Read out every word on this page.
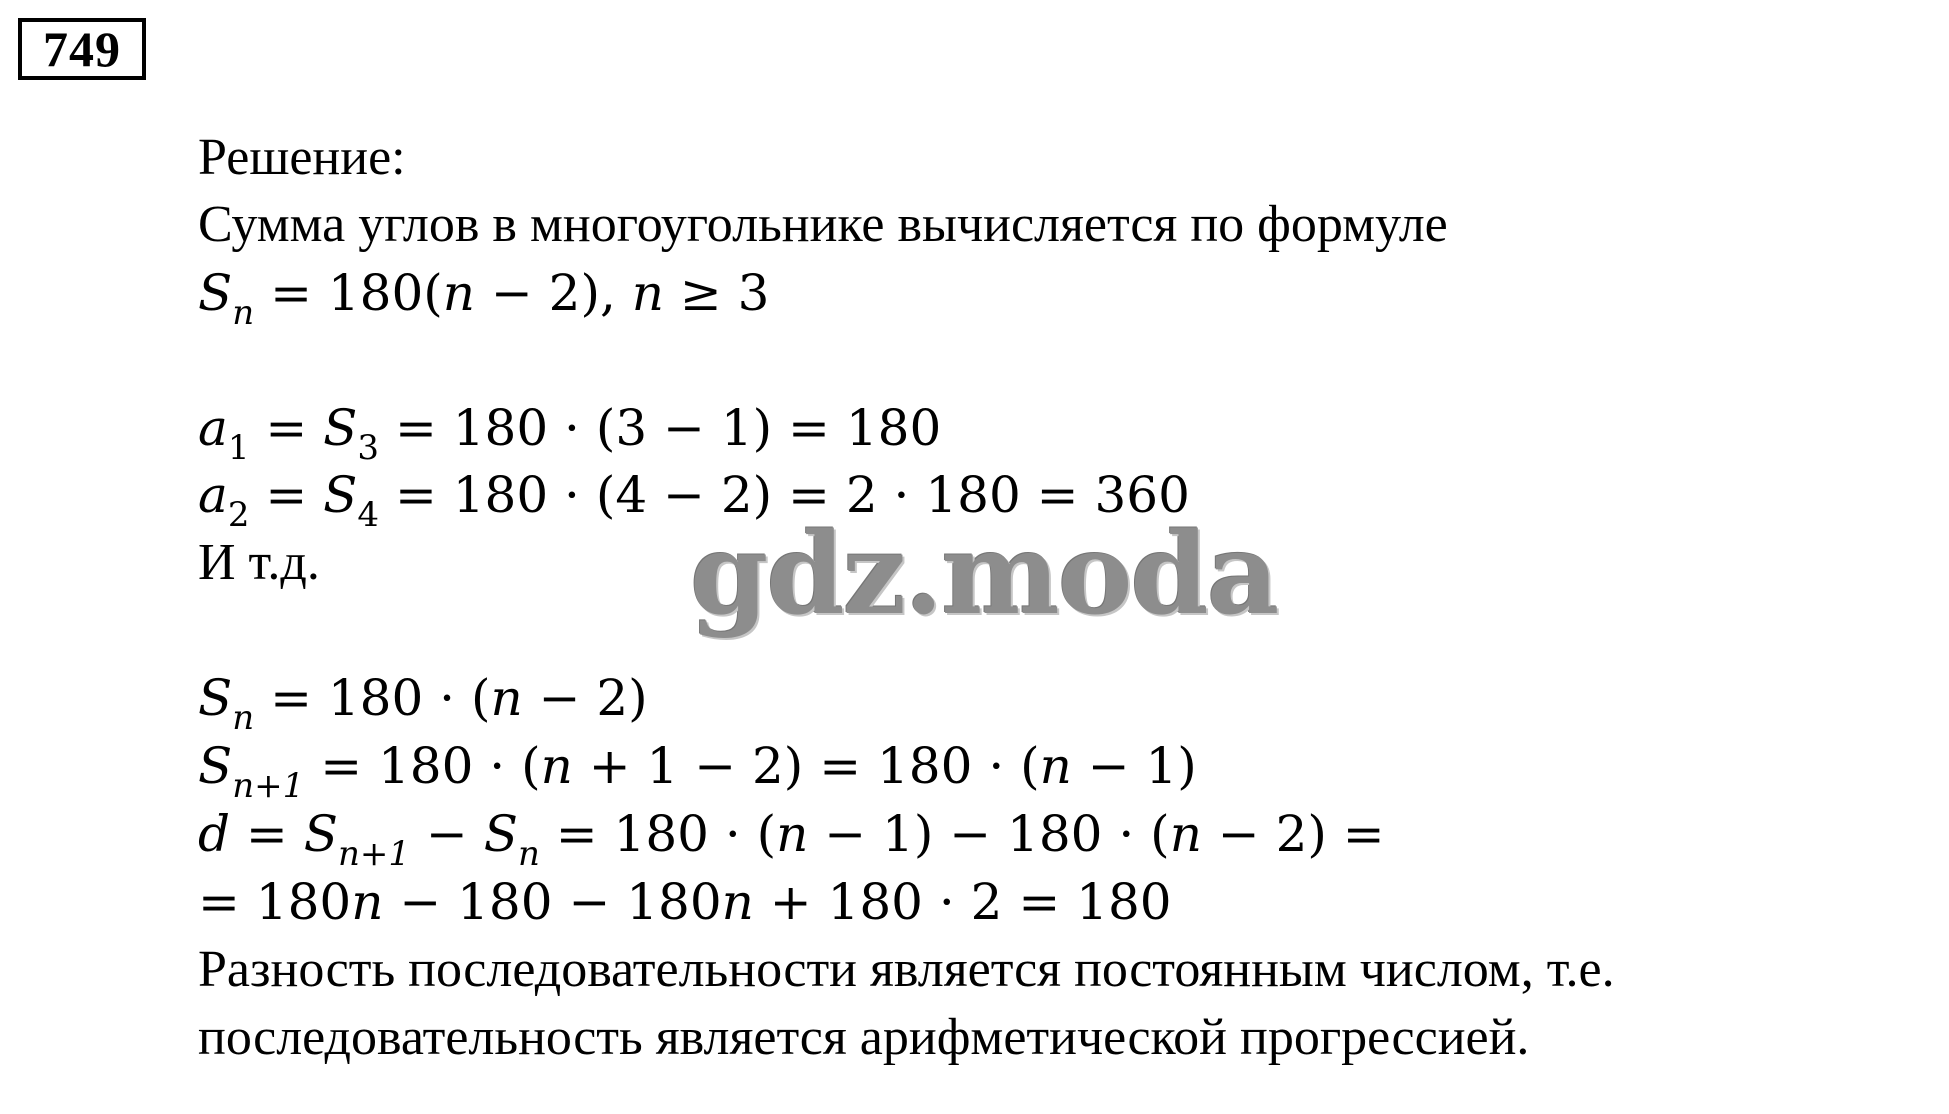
749
Решение:
Сумма углов в многоугольнике вычисляется по формуле
$S_n = 180(n - 2)$, n ≥ 3
$a_1 = S_3 = 180 \cdot (3 - 1) = 180$
$a_2 = S_4 = 180 \cdot (4 - 2) = 2 \cdot 180 = 360$
И т.д.
$S_n = 180 \cdot (n - 2)$
$S_{n+1} = 180 \cdot (n + 1 - 2) = 180 \cdot (n - 1)$
$d = S_{n+1} - S_n = 180 \cdot (n - 1) - 180 \cdot (n - 2)$ =
= 180n − 180 − 180n + 180 · 2 = 180
Разность последовательности является постоянным числом, т.е.
последовательность является арифметической прогрессией.
gdz.moda
